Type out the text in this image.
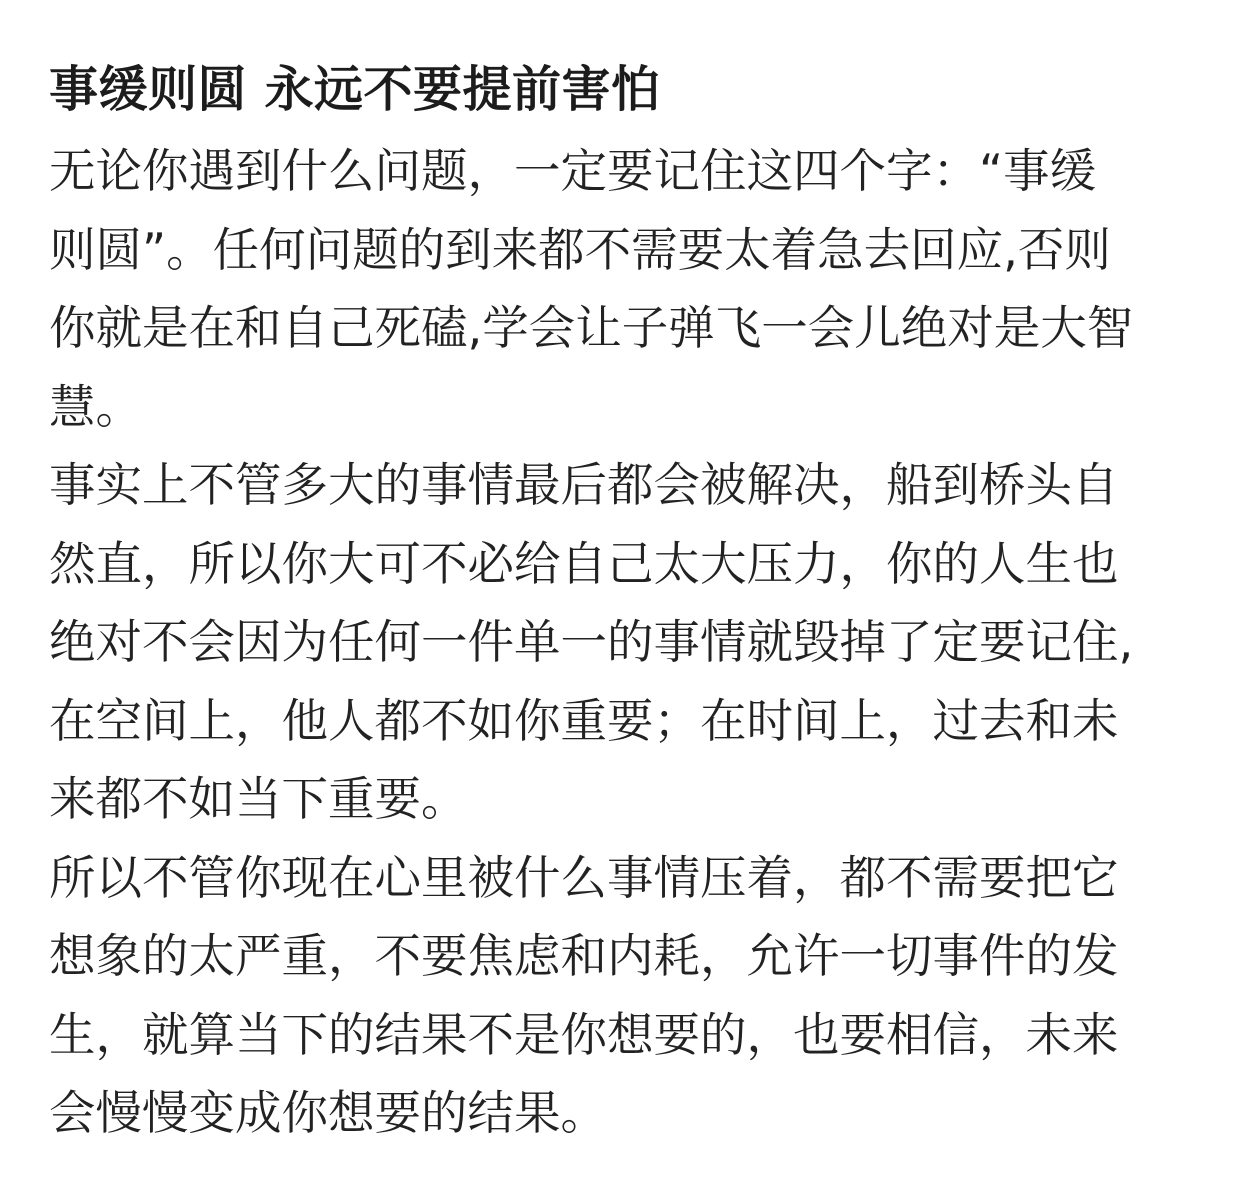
事缓则圆 永远不要提前害怕
无论你遇到什么问题，一定要记住这四个字：“事缓
则圆”。任何问题的到来都不需要太着急去回应,否则
你就是在和自己死磕,学会让子弹飞一会儿绝对是大智
慧。
事实上不管多大的事情最后都会被解决，船到桥头自
然直，所以你大可不必给自己太大压力，你的人生也
绝对不会因为任何一件单一的事情就毁掉了定要记住,
在空间上，他人都不如你重要；在时间上，过去和未
来都不如当下重要。
所以不管你现在心里被什么事情压着，都不需要把它
想象的太严重，不要焦虑和内耗，允许一切事件的发
生，就算当下的结果不是你想要的，也要相信，未来
会慢慢变成你想要的结果。
